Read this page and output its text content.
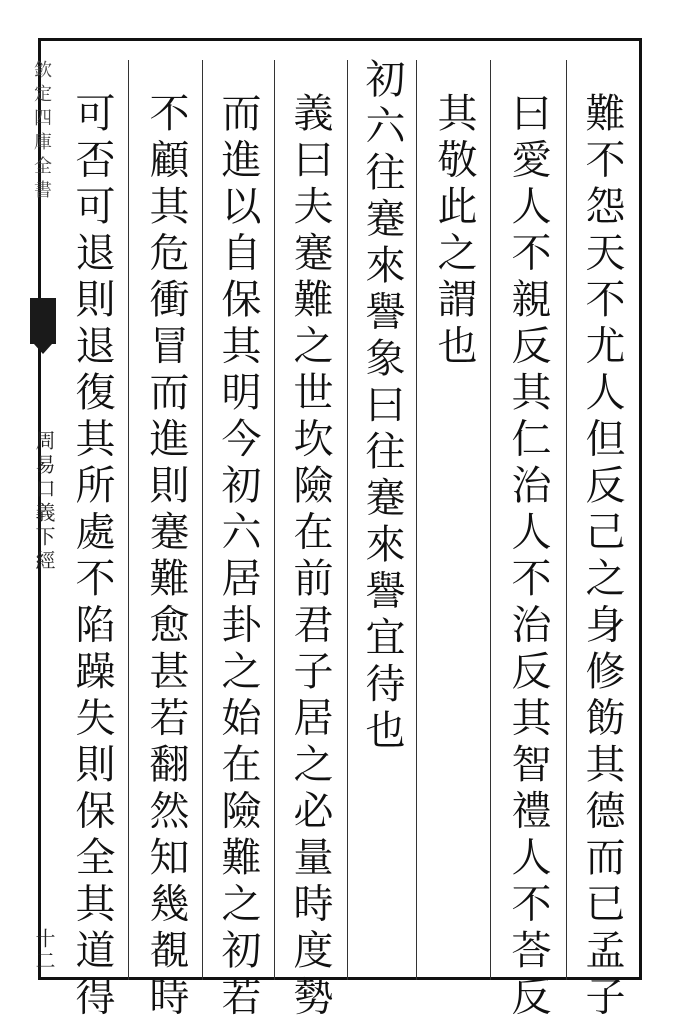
欽定四庫全書
周易口義下經
十二	難不怨天不尤人但反己之身修飭其德而已孟子
曰愛人不親反其仁治人不治反其智禮人不荅反
其敬此之謂也
初六往蹇來譽象曰往蹇來譽宜待也
義曰夫蹇難之世坎險在前君子居之必量時度勢
而進以自保其明今初六居卦之始在險難之初若
不顧其危衝冒而進則蹇難愈甚若翻然知幾覩時
可否可退則退復其所處不陷躁失則保全其道得
